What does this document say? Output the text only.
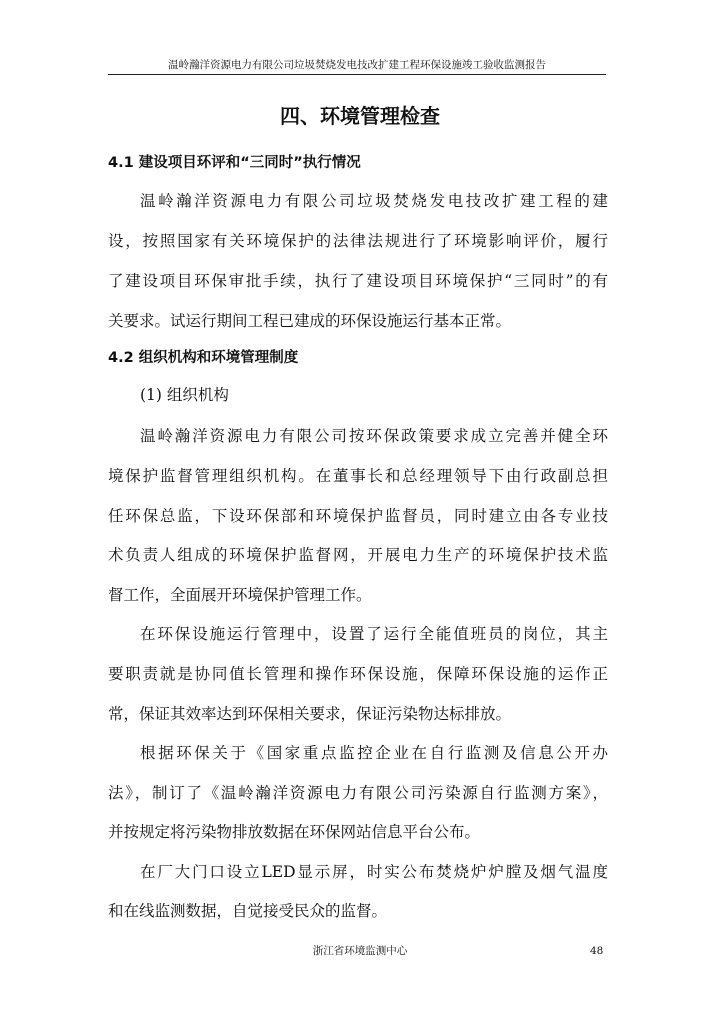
温岭瀚洋资源电力有限公司垃圾焚烧发电技改扩建工程环保设施竣工验收监测报告
四、环境管理检查
4.1 建设项目环评和“三同时”执行情况
温岭瀚洋资源电力有限公司垃圾焚烧发电技改扩建工程的建
设，按照国家有关环境保护的法律法规进行了环境影响评价，履行
了建设项目环保审批手续，执行了建设项目环境保护“三同时”的有
关要求。试运行期间工程已建成的环保设施运行基本正常。
4.2 组织机构和环境管理制度
(1) 组织机构
温岭瀚洋资源电力有限公司按环保政策要求成立完善并健全环
境保护监督管理组织机构。在董事长和总经理领导下由行政副总担
任环保总监，下设环保部和环境保护监督员，同时建立由各专业技
术负责人组成的环境保护监督网，开展电力生产的环境保护技术监
督工作，全面展开环境保护管理工作。
在环保设施运行管理中，设置了运行全能值班员的岗位，其主
要职责就是协同值长管理和操作环保设施，保障环保设施的运作正
常，保证其效率达到环保相关要求，保证污染物达标排放。
根据环保关于《国家重点监控企业在自行监测及信息公开办
法》，制订了《温岭瀚洋资源电力有限公司污染源自行监测方案》，
并按规定将污染物排放数据在环保网站信息平台公布。
在厂大门口设立LED显示屏，时实公布焚烧炉炉膛及烟气温度
和在线监测数据，自觉接受民众的监督。
浙江省环境监测中心	48
